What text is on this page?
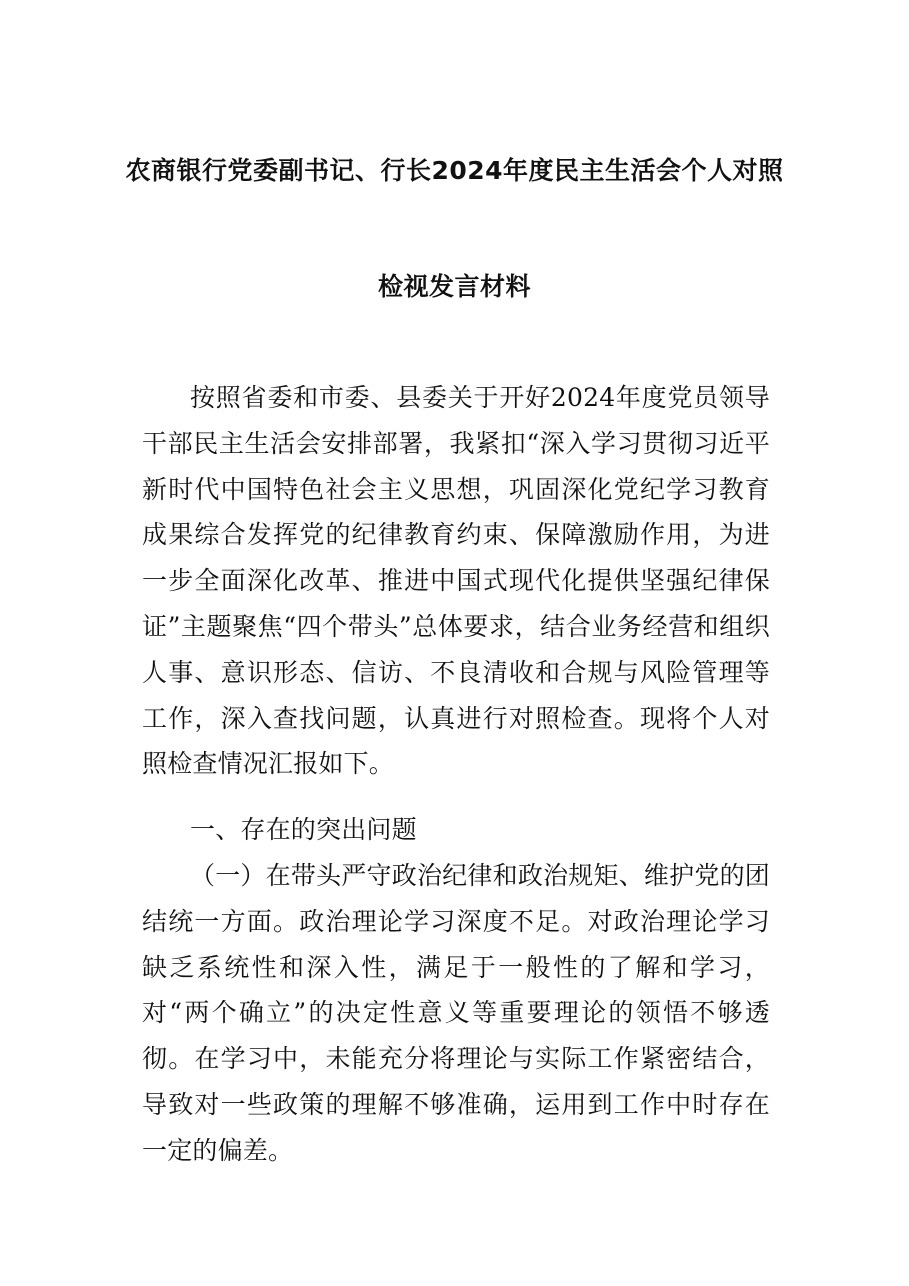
农商银行党委副书记、行长2024年度民主生活会个人对照
检视发言材料
按照省委和市委、县委关于开好2024年度党员领导干部民主生活会安排部署，我紧扣“深入学习贯彻习近平新时代中国特色社会主义思想，巩固深化党纪学习教育成果综合发挥党的纪律教育约束、保障激励作用，为进一步全面深化改革、推进中国式现代化提供坚强纪律保证”主题聚焦“四个带头”总体要求，结合业务经营和组织人事、意识形态、信访、不良清收和合规与风险管理等工作，深入查找问题，认真进行对照检查。现将个人对照检查情况汇报如下。
一、存在的突出问题
（一）在带头严守政治纪律和政治规矩、维护党的团结统一方面。政治理论学习深度不足。对政治理论学习缺乏系统性和深入性，满足于一般性的了解和学习，对“两个确立”的决定性意义等重要理论的领悟不够透彻。在学习中，未能充分将理论与实际工作紧密结合，导致对一些政策的理解不够准确，运用到工作中时存在一定的偏差。
